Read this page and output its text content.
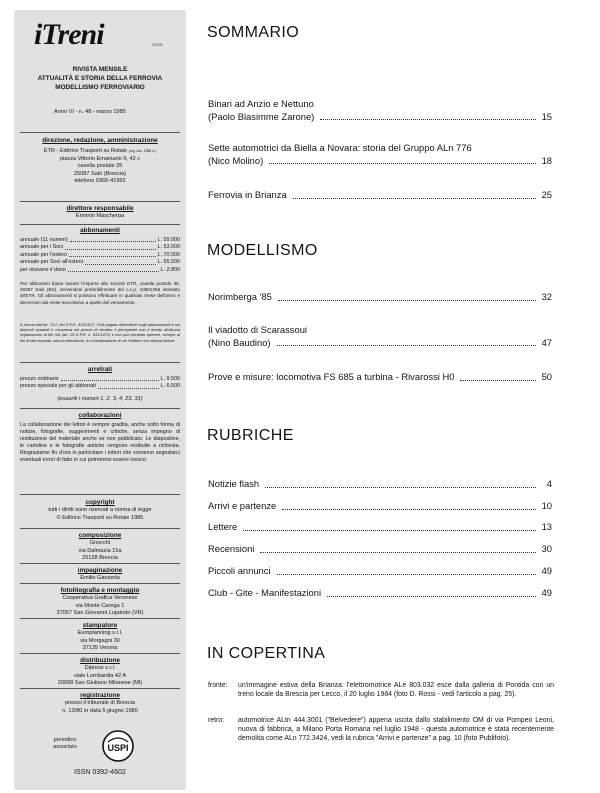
iTreni	OGGI
RIVISTA MENSILE
ATTUALITÀ E STORIA DELLA FERROVIA
MODELLISMO FERROVIARIO
Anno VI - n. 48 - marzo 1985
direzione, redazione, amministrazione
ETR - Editrice Trasporti su Rotaie (reg. soc. 1986 n.)
piazza Vittorio Emanuele II, 42 c
casella postale 35
25087 Salò (Brescia)
telefono 0365-41992
direttore responsabile
Erminio Mascherpa
abbonamenti
annuale (11 numeri)	L. 59.000
annuale per i Soci	L. 53.000
annuale per l'estero	L. 70.000
annuale per Soci all'estero	L. 65.500
per ricevere il dono	L. 2.800
Per abbonarsi basta inviare l'importo alla società ETR, casella postale 35, 25087 Salò (BS), servendosi preferibilmente del c.c.p. 10801256 intestato all'ETR. Gli abbonamenti si possono effettuare in qualsiasi mese dell'anno e decorrono dal mese successivo a quello del versamento.
A norma dell'art. 74 C del D.P.R. 633/1972, l'IVA pagata dall'editore sugli abbonamenti e sui fascicoli separati è compresa nel prezzo di vendita; il percepente non è tenuto all'alcuna registrazione ai fini IVA (art. 25 D.P.R. n. 633/1972) e non può pertanto operare, sempre ai fini di tale imposta, alcuna detrazione. In considerazione di ciò l'editore non rilascia fatture.
arretrati
prezzo ordinario	L. 9.500
prezzo speciale per gli abbonati	L. 6.500
(esauriti i numeri 1, 2, 3, 4, 23, 31)
collaborazioni
La collaborazione dei lettori è sempre gradita, anche sotto forma di notizie, fotografie, suggerimenti e critiche, senza impegno di restituzione del materiale anche se non pubblicato. Le diapositive, le cartoline e le fotografie antiche vengono restituite a richiesta. Ringraziamo fin d'ora in particolare i lettori che vorranno segnalarci eventuali errori di fatto in cui potremmo essere incorsi.
copyright
tutti i diritti sono riservati a norma di legge
© Editrice Trasporti su Rotaie 1985
composizione
Gnocchi
via Dalmazia 15a
25128 Brescia
impaginazione
Emilio Ganzerla
fotolitografia e montaggio
Cooperativa Grafica Veronese
via Monte Carega 1
37057 San Giovanni Lupatoto (VR)
stampatore
Europlanning s.r.l.
via Morgagni 30
37135 Verona
distribuzione
Dipress s.r.l.
viale Lombardia 42 A
20098 San Giuliano Milanese (MI)
registrazione
presso il tribunale di Brescia
n. 13/80 in data 5 giugno 1980
periodico
associato	USPI
ISSN 0392-4602
SOMMARIO
Binari ad Anzio e Nettuno
(Paolo Blasimme Zarone)	15
Sette automotrici da Biella a Novara: storia del Gruppo ALn 776
(Nico Molino)	18
Ferrovia in Brianza	25
MODELLISMO
Norimberga '85	32
Il viadotto di Scarassoui
(Nino Baudino)	47
Prove e misure: locomotiva FS 685 a turbina - Rivarossi H0	50
RUBRICHE
Notizie flash	4
Arrivi e partenze	10
Lettere	13
Recensioni	30
Piccoli annunci	49
Club - Gite - Manifestazioni	49
IN COPERTINA
fronte:	un'immagine estiva della Brianza: l'elettromotrice ALe 803.032 esce dalla galleria di Pontida con un treno locale da Brescia per Lecco, il 20 luglio 1984 (foto D. Rossi - vedi l'articolo a pag. 25).
retro:	automotrice ALtn 444.3001 ("Belvedere") appena uscita dallo stabilimento OM di via Pompeo Leoni, nuova di fabbrica, a Milano Porta Romana nel luglio 1948 - questa automotrice è stata recentemente demolita come ALn 772.3424, vedi la rubrica "Arrivi e partenze" a pag. 10 (foto Publifoto).
